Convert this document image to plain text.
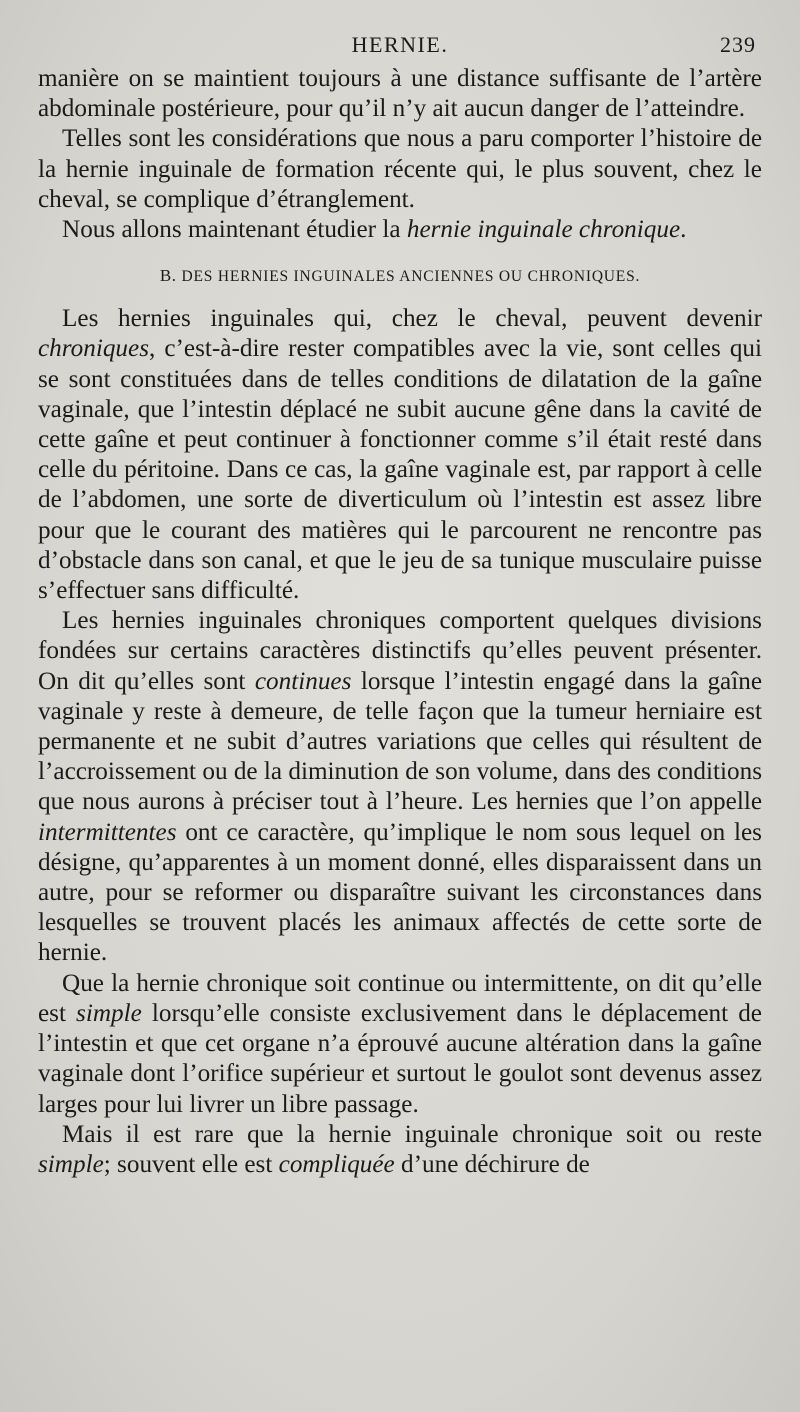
HERNIE.	239

manière on se maintient toujours à une distance suffisante de l’artère abdominale postérieure, pour qu’il n’y ait aucun danger de l’atteindre.

Telles sont les considérations que nous a paru comporter l’histoire de la hernie inguinale de formation récente qui, le plus souvent, chez le cheval, se complique d’étranglement.

Nous allons maintenant étudier la hernie inguinale chronique.

B. DES HERNIES INGUINALES ANCIENNES OU CHRONIQUES.

Les hernies inguinales qui, chez le cheval, peuvent devenir chroniques, c’est-à-dire rester compatibles avec la vie, sont celles qui se sont constituées dans de telles conditions de dilatation de la gaîne vaginale, que l’intestin déplacé ne subit aucune gêne dans la cavité de cette gaîne et peut continuer à fonctionner comme s’il était resté dans celle du péritoine. Dans ce cas, la gaîne vaginale est, par rapport à celle de l’abdomen, une sorte de diverticulum où l’intestin est assez libre pour que le courant des matières qui le parcourent ne rencontre pas d’obstacle dans son canal, et que le jeu de sa tunique musculaire puisse s’effectuer sans difficulté.

Les hernies inguinales chroniques comportent quelques divisions fondées sur certains caractères distinctifs qu’elles peuvent présenter. On dit qu’elles sont continues lorsque l’intestin engagé dans la gaîne vaginale y reste à demeure, de telle façon que la tumeur herniaire est permanente et ne subit d’autres variations que celles qui résultent de l’accroissement ou de la diminution de son volume, dans des conditions que nous aurons à préciser tout à l’heure. Les hernies que l’on appelle intermittentes ont ce caractère, qu’implique le nom sous lequel on les désigne, qu’apparentes à un moment donné, elles disparaissent dans un autre, pour se reformer ou disparaître suivant les circonstances dans lesquelles se trouvent placés les animaux affectés de cette sorte de hernie.

Que la hernie chronique soit continue ou intermittente, on dit qu’elle est simple lorsqu’elle consiste exclusivement dans le déplacement de l’intestin et que cet organe n’a éprouvé aucune altération dans la gaîne vaginale dont l’orifice supérieur et surtout le goulot sont devenus assez larges pour lui livrer un libre passage.

Mais il est rare que la hernie inguinale chronique soit ou reste simple; souvent elle est compliquée d’une déchirure de
